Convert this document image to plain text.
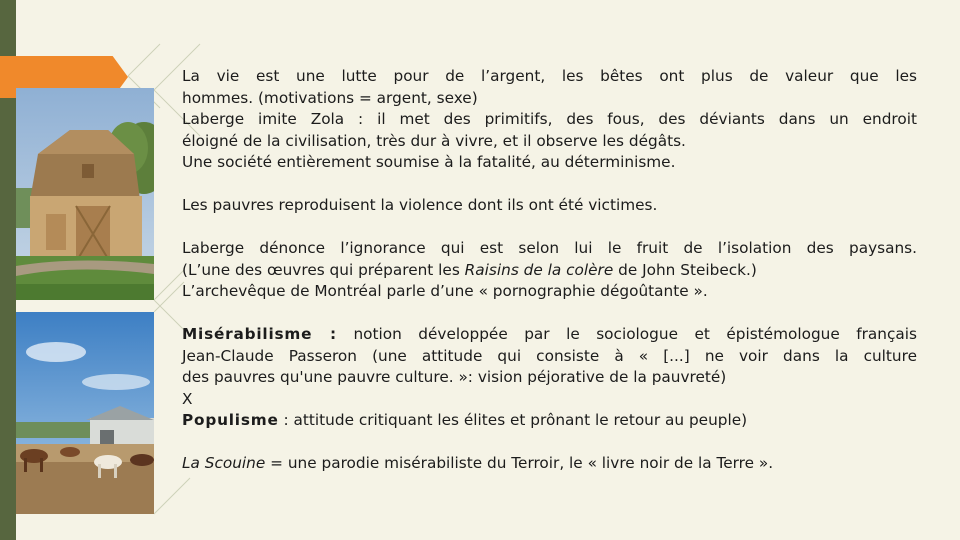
La vie est une lutte pour de l’argent, les bêtes ont plus de valeur que les
hommes. (motivations = argent, sexe)
Laberge imite Zola : il met des primitifs, des fous, des déviants dans un endroit
éloigné de la civilisation, très dur à vivre, et il observe les dégâts.
Une société entièrement soumise à la fatalité, au déterminisme.

Les pauvres reproduisent la violence dont ils ont été victimes.

Laberge dénonce l’ignorance qui est selon lui le fruit de l’isolation des paysans.
(L’une des œuvres qui préparent les Raisins de la colère de John Steibeck.)
L’archevêque de Montréal parle d’une « pornographie dégoûtante ».

Misérabilisme : notion développée par le sociologue et épistémologue français
Jean-Claude Passeron (une attitude qui consiste à « [...] ne voir dans la culture
des pauvres qu'une pauvre culture. »: vision péjorative de la pauvreté)
X
Populisme : attitude critiquant les élites et prônant le retour au peuple)

La Scouine = une parodie misérabiliste du Terroir, le « livre noir de la Terre ».
